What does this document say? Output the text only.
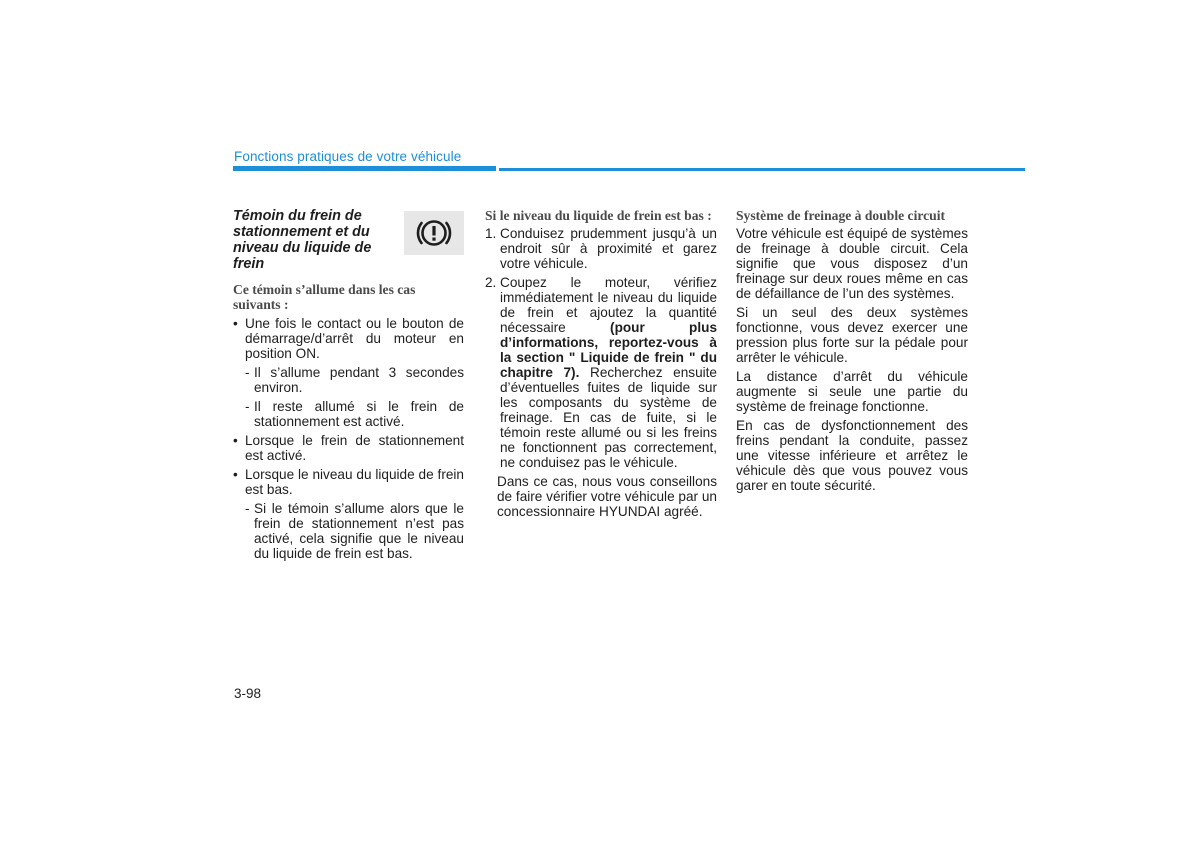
Fonctions pratiques de votre véhicule
Témoin du frein de stationnement et du niveau du liquide de frein
Ce témoin s’allume dans les cas suivants :
• Une fois le contact ou le bouton de démarrage/d’arrêt du moteur en position ON.
- Il s’allume pendant 3 secondes environ.
- Il reste allumé si le frein de stationnement est activé.
• Lorsque le frein de stationnement est activé.
• Lorsque le niveau du liquide de frein est bas.
- Si le témoin s’allume alors que le frein de stationnement n’est pas activé, cela signifie que le niveau du liquide de frein est bas.
Si le niveau du liquide de frein est bas :
1. Conduisez prudemment jusqu’à un endroit sûr à proximité et garez votre véhicule.
2. Coupez le moteur, vérifiez immédiatement le niveau du liquide de frein et ajoutez la quantité nécessaire	(pour plus d’informations, reportez-vous à la section " Liquide de frein " du chapitre 7). Recherchez ensuite d’éventuelles fuites de liquide sur les composants du système de freinage. En cas de fuite, si le témoin reste allumé ou si les freins ne fonctionnent pas correctement, ne conduisez pas le véhicule.
Dans ce cas, nous vous conseillons de faire vérifier votre véhicule par un concessionnaire HYUNDAI agréé.
Système de freinage à double circuit
Votre véhicule est équipé de systèmes de freinage à double circuit. Cela signifie que vous disposez d’un freinage sur deux roues même en cas de défaillance de l’un des systèmes.
Si un seul des deux systèmes fonctionne, vous devez exercer une pression plus forte sur la pédale pour arrêter le véhicule.
La distance d’arrêt du véhicule augmente si seule une partie du système de freinage fonctionne.
En cas de dysfonctionnement des freins pendant la conduite, passez une vitesse inférieure et arrêtez le véhicule dès que vous pouvez vous garer en toute sécurité.
3-98
